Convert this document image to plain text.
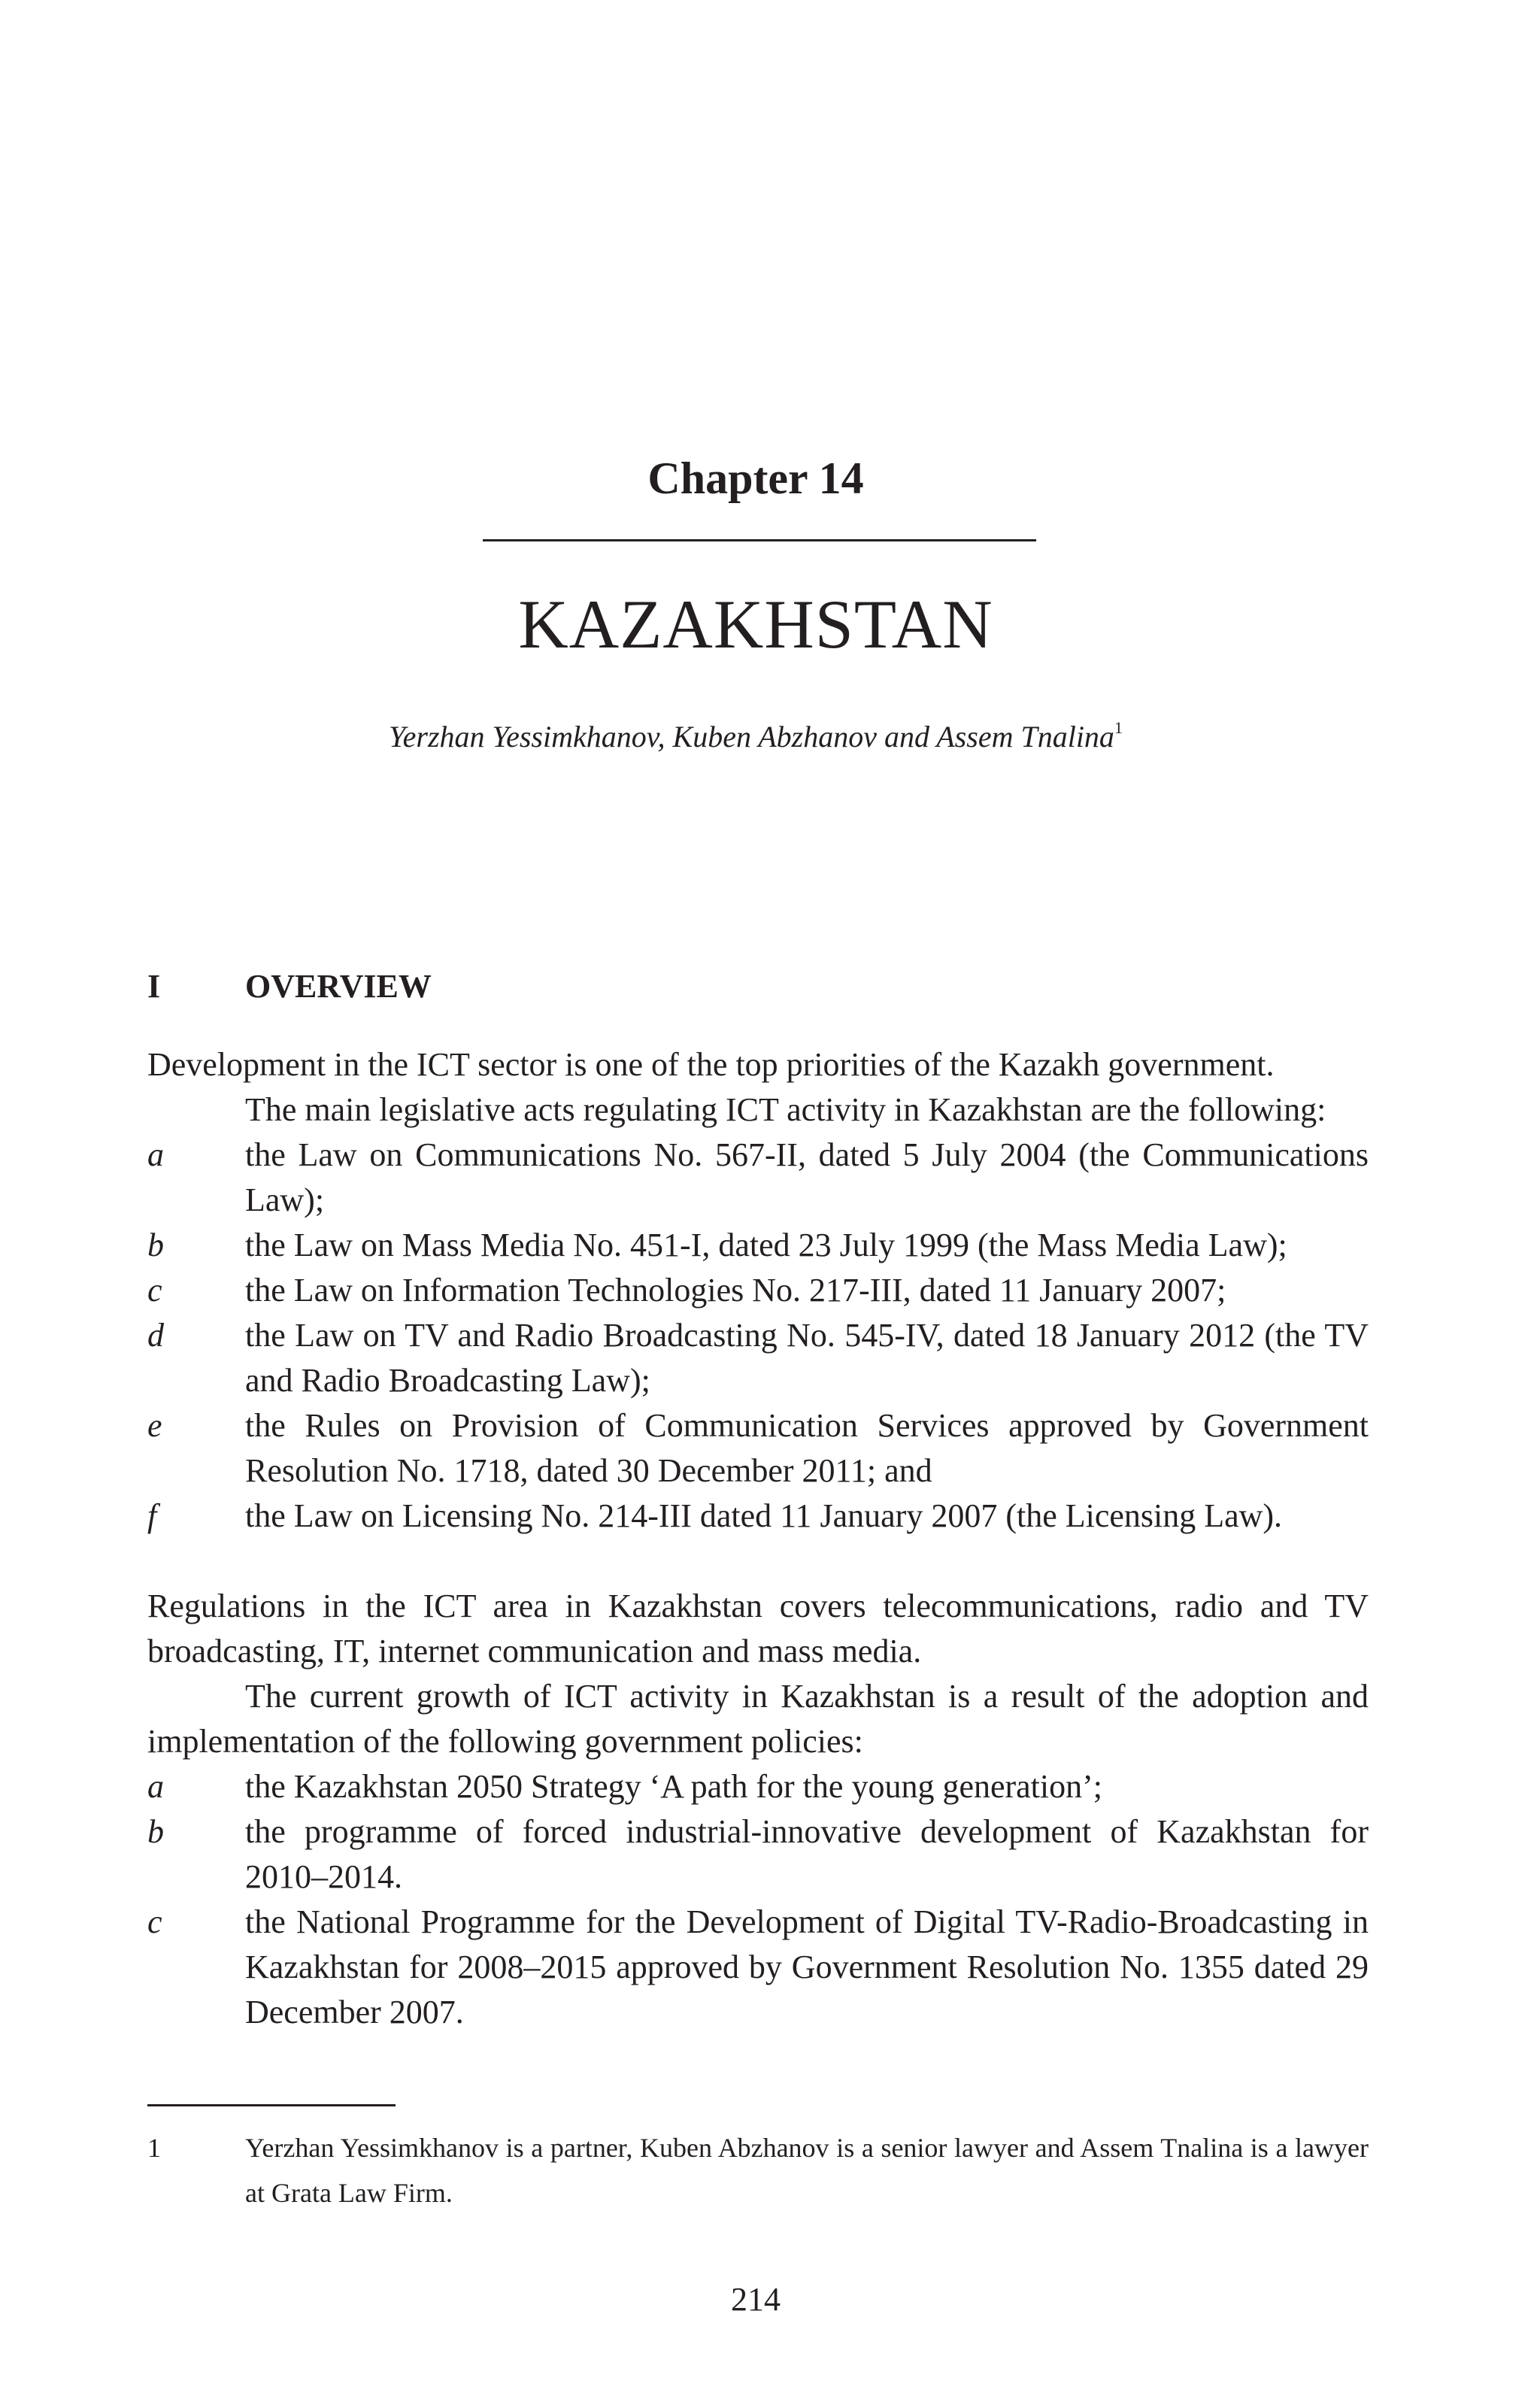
Chapter 14
KAZAKHSTAN
Yerzhan Yessimkhanov, Kuben Abzhanov and Assem Tnalina$^1$
I	OVERVIEW

Development in the ICT sector is one of the top priorities of the Kazakh government.

The main legislative acts regulating ICT activity in Kazakhstan are the following:

a the Law on Communications No. 567-II, dated 5 July 2004 (the Communications Law);
b the Law on Mass Media No. 451-I, dated 23 July 1999 (the Mass Media Law);
c	the Law on Information Technologies No. 217-III, dated 11 January 2007;
d the Law on TV and Radio Broadcasting No. 545-IV, dated 18 January 2012 (the TV and Radio Broadcasting Law);
e	the Rules on Provision of Communication Services approved by Government Resolution No. 1718, dated 30 December 2011; and
f	the Law on Licensing No. 214-III dated 11 January 2007 (the Licensing Law).

Regulations in the ICT area in Kazakhstan covers telecommunications, radio and TV broadcasting, IT, internet communication and mass media.

The current growth of ICT activity in Kazakhstan is a result of the adoption and implementation of the following government policies:

a the Kazakhstan 2050 Strategy ‘A path for the young generation’;
b the programme of forced industrial-innovative development of Kazakhstan for 2010–2014.
c	the National Programme for the Development of Digital TV-Radio-Broadcasting in Kazakhstan for 2008–2015 approved by Government Resolution No. 1355 dated 29 December 2007.
1	Yerzhan Yessimkhanov is a partner, Kuben Abzhanov is a senior lawyer and Assem Tnalina is a lawyer at Grata Law Firm.
214
